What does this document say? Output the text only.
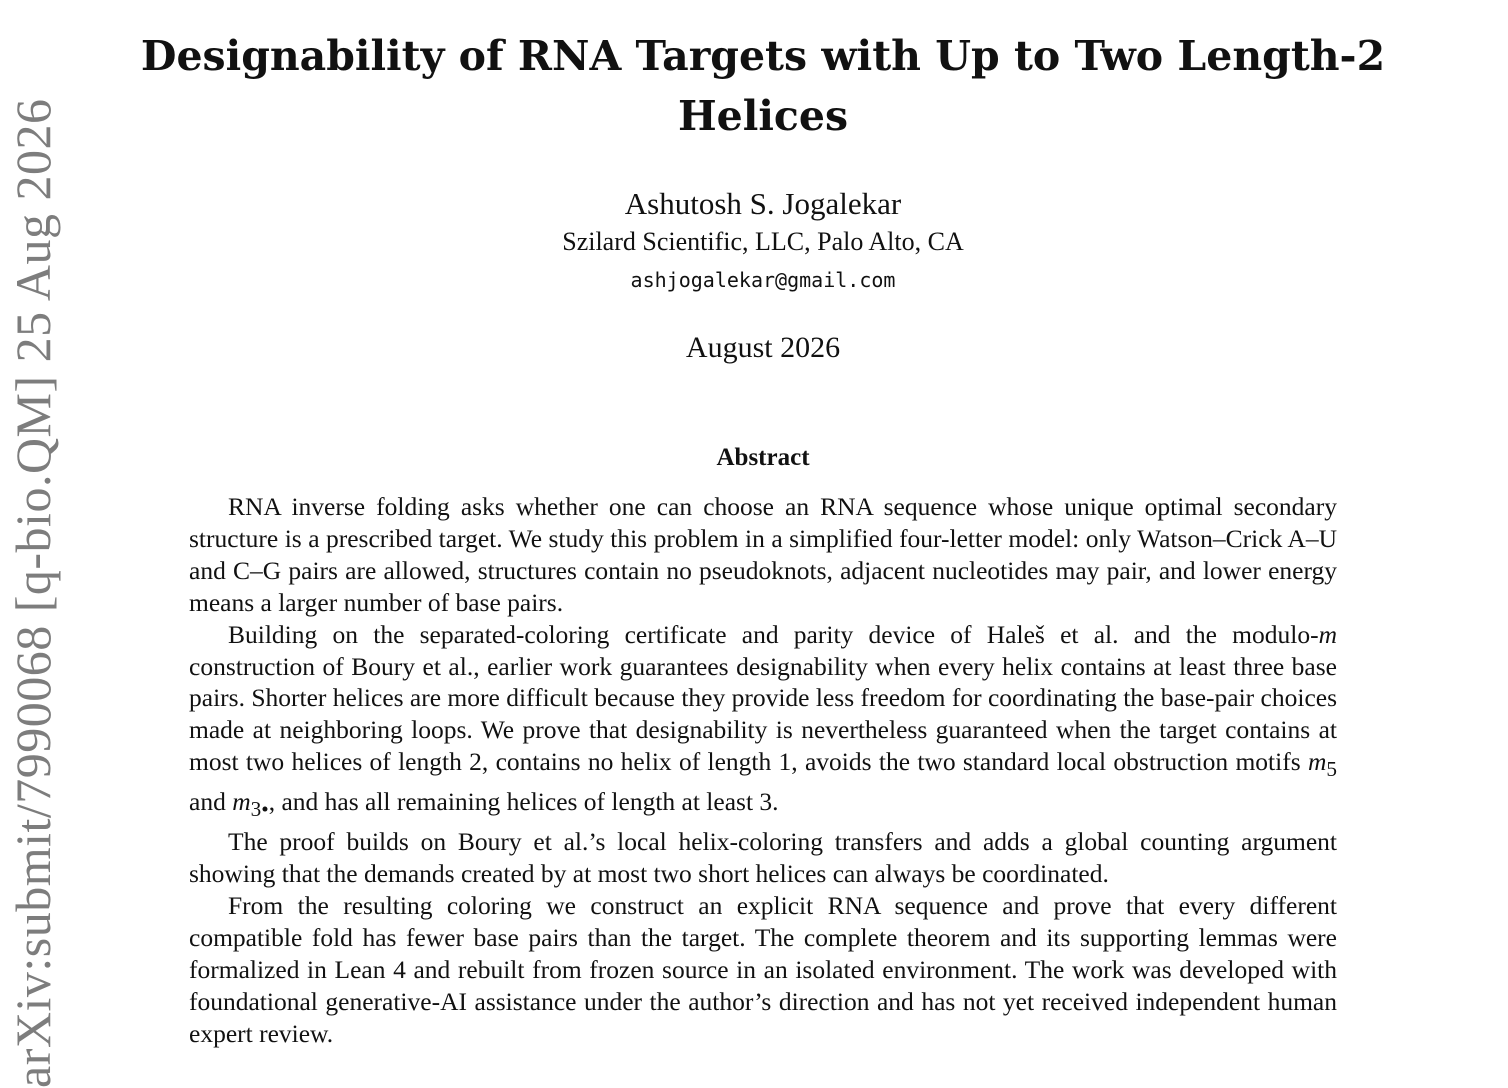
arXiv:submit/7990068 [q-bio.QM] 25 Aug 2026
Designability of RNA Targets with Up to Two Length-2
Helices
Ashutosh S. Jogalekar
Szilard Scientific, LLC, Palo Alto, CA
ashjogalekar@gmail.com
August 2026
Abstract

RNA inverse folding asks whether one can choose an RNA sequence whose unique optimal secondary structure is a prescribed target. We study this problem in a simplified four-letter model: only Watson–Crick A–U and C–G pairs are allowed, structures contain no pseudoknots, adjacent nucleotides may pair, and lower energy means a larger number of base pairs.

Building on the separated-coloring certificate and parity device of Haleš et al. and the modulo-m construction of Boury et al., earlier work guarantees designability when every helix contains at least three base pairs. Shorter helices are more difficult because they provide less freedom for coordinating the base-pair choices made at neighboring loops. We prove that designability is nevertheless guaranteed when the target contains at most two helices of length 2, contains no helix of length 1, avoids the two standard local obstruction motifs $m_5$ and $m_{3•}$, and has all remaining helices of length at least 3.

The proof builds on Boury et al.’s local helix-coloring transfers and adds a global counting argument showing that the demands created by at most two short helices can always be coordinated.

From the resulting coloring we construct an explicit RNA sequence and prove that every different compatible fold has fewer base pairs than the target. The complete theorem and its supporting lemmas were formalized in Lean 4 and rebuilt from frozen source in an isolated environment. The work was developed with foundational generative-AI assistance under the author’s direction and has not yet received independent human expert review.
